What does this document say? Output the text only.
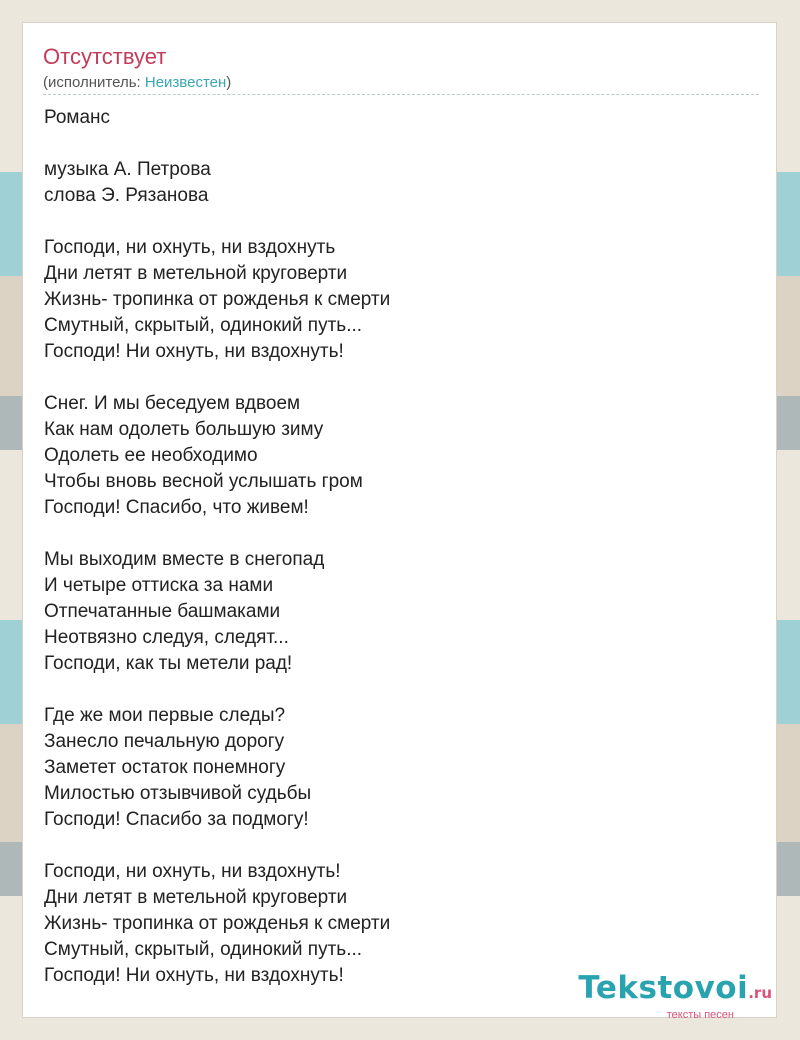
Отсутствует
(исполнитель: Неизвестен)
Романс
музыка А. Петрова
слова Э. Рязанова
Господи, ни охнуть, ни вздохнуть
Дни летят в метельной круговерти
Жизнь- тропинка от рожденья к смерти
Смутный, скрытый, одинокий путь...
Господи! Ни охнуть, ни вздохнуть!
Снег. И мы беседуем вдвоем
Как нам одолеть большую зиму
Одолеть ее необходимо
Чтобы вновь весной услышать гром
Господи! Спасибо, что живем!
Мы выходим вместе в снегопад
И четыре оттиска за нами
Отпечатанные башмаками
Неотвязно следуя, следят...
Господи, как ты метели рад!
Где же мои первые следы?
Занесло печальную дорогу
Заметет остаток понемногу
Милостью отзывчивой судьбы
Господи! Спасибо за подмогу!
Господи, ни охнуть, ни вздохнуть!
Дни летят в метельной круговерти
Жизнь- тропинка от рожденья к смерти
Смутный, скрытый, одинокий путь...
Господи! Ни охнуть, ни вздохнуть!	Tekstovoi.ru
тексты песен
